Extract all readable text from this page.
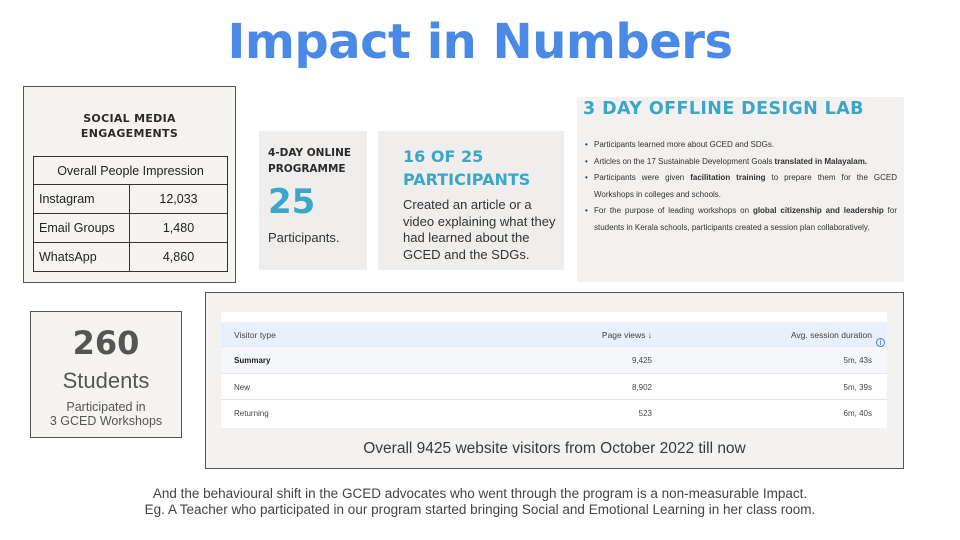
Impact in Numbers
SOCIAL MEDIA
ENGAGEMENTS
Overall People Impression	
Instagram	12,033
Email Groups	1,480
WhatsApp	4,860
4-DAY ONLINE
PROGRAMME
25
Participants.
16 OF 25
PARTICIPANTS
Created an article or a video explaining what they had learned about the GCED and the SDGs.
3 DAY OFFLINE DESIGN LAB
• Participants learned more about GCED and SDGs.
• Articles on the 17 Sustainable Development Goals translated in Malayalam.
• Participants were given facilitation training to prepare them for the GCED Workshops in colleges and schools.
• For the purpose of leading workshops on global citizenship and leadership for students in Kerala schools, participants created a session plan collaboratively.
260
Students
Participated in
3 GCED Workshops
Visitor type	Page views ↓	Avg. session duration
i
Summary	9,425	5m, 43s
New	8,902	5m, 39s
Returning	523	6m, 40s
Overall 9425 website visitors from October 2022 till now
And the behavioural shift in the GCED advocates who went through the program is a non-measurable Impact.
Eg. A Teacher who participated in our program started bringing Social and Emotional Learning in her class room.
